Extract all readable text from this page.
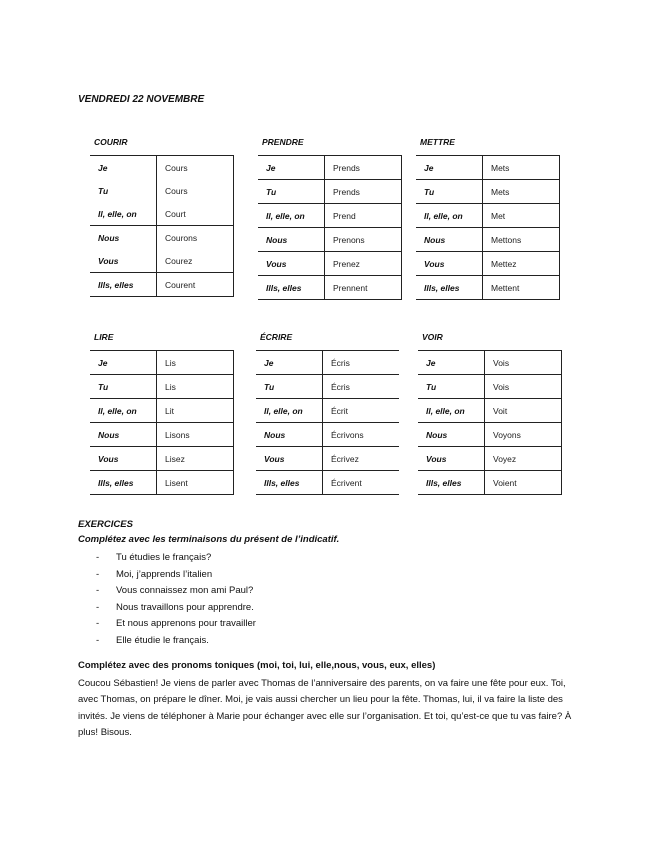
VENDREDI 22 NOVEMBRE
COURIR
Je	Cours
Tu	Cours
Il, elle, on	Court
Nous	Courons
Vous	Courez
Ills, elles	Courent
PRENDRE
Je	Prends
Tu	Prends
Il, elle, on	Prend
Nous	Prenons
Vous	Prenez
Ills, elles	Prennent
METTRE
Je	Mets
Tu	Mets
Il, elle, on	Met
Nous	Mettons
Vous	Mettez
Ills, elles	Mettent
LIRE
Je	Lis
Tu	Lis
Il, elle, on	Lit
Nous	Lisons
Vous	Lisez
Ills, elles	Lisent
ÉCRIRE
Je	Écris
Tu	Écris
Il, elle, on	Écrit
Nous	Écrivons
Vous	Écrivez
Ills, elles	Écrivent
VOIR
Je	Vois
Tu	Vois
Il, elle, on	Voit
Nous	Voyons
Vous	Voyez
Ills, elles	Voient
EXERCICES
Complétez avec les terminaisons du présent de l’indicatif.
- Tu étudies le français?
- Moi, j’apprends l’italien
- Vous connaissez mon ami Paul?
- Nous travaillons pour apprendre.
- Et nous apprenons pour travailler
- Elle étudie le français.
Complétez avec des pronoms toniques (moi, toi, lui, elle,nous, vous, eux, elles)
Coucou Sébastien! Je viens de parler avec Thomas de l’anniversaire des parents, on va faire une fête pour eux. Toi, avec Thomas, on prépare le dîner. Moi, je vais aussi chercher un lieu pour la fête. Thomas, lui, il va faire la liste des invités. Je viens de téléphoner à Marie pour échanger avec elle sur l’organisation. Et toi, qu’est-ce que tu vas faire? À plus! Bisous.
